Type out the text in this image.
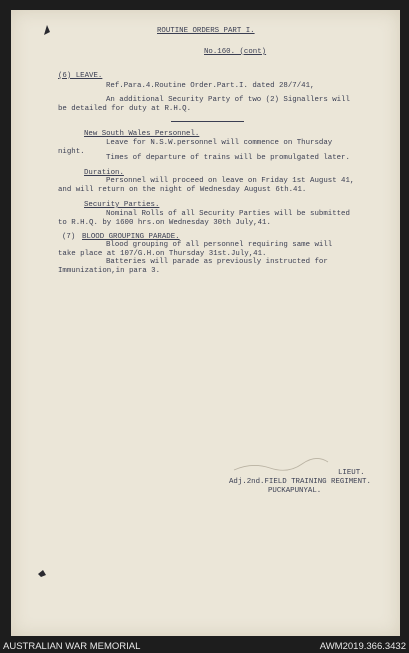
ROUTINE ORDERS PART I.
No.160. (cont)
(6) LEAVE.
Ref.Para.4.Routine Order.Part.I. dated 28/7/41,
An additional Security Party of two (2) Signallers will
be detailed for duty at R.H.Q.
New South Wales Personnel.
Leave for N.S.W.personnel will commence on Thursday
night.
Times of departure of trains will be promulgated later.
Duration.
Personnel will proceed on leave on Friday 1st August 41,
and will return on the night of Wednesday August 6th.41.
Security Parties.
Nominal Rolls of all Security Parties will be submitted
to R.H.Q. by 1600 hrs.on Wednesday 30th July,41.
(7) BLOOD GROUPING PARADE.
Blood grouping of all personnel requiring same will
take place at 107/G.H.on Thursday 31st.July,41.
Batteries will parade as previously instructed for
Immunization,in para 3.
LIEUT.
Adj.2nd.FIELD TRAINING REGIMENT.
PUCKAPUNYAL.
AUSTRALIAN WAR MEMORIAL	AWM2019.366.3432
